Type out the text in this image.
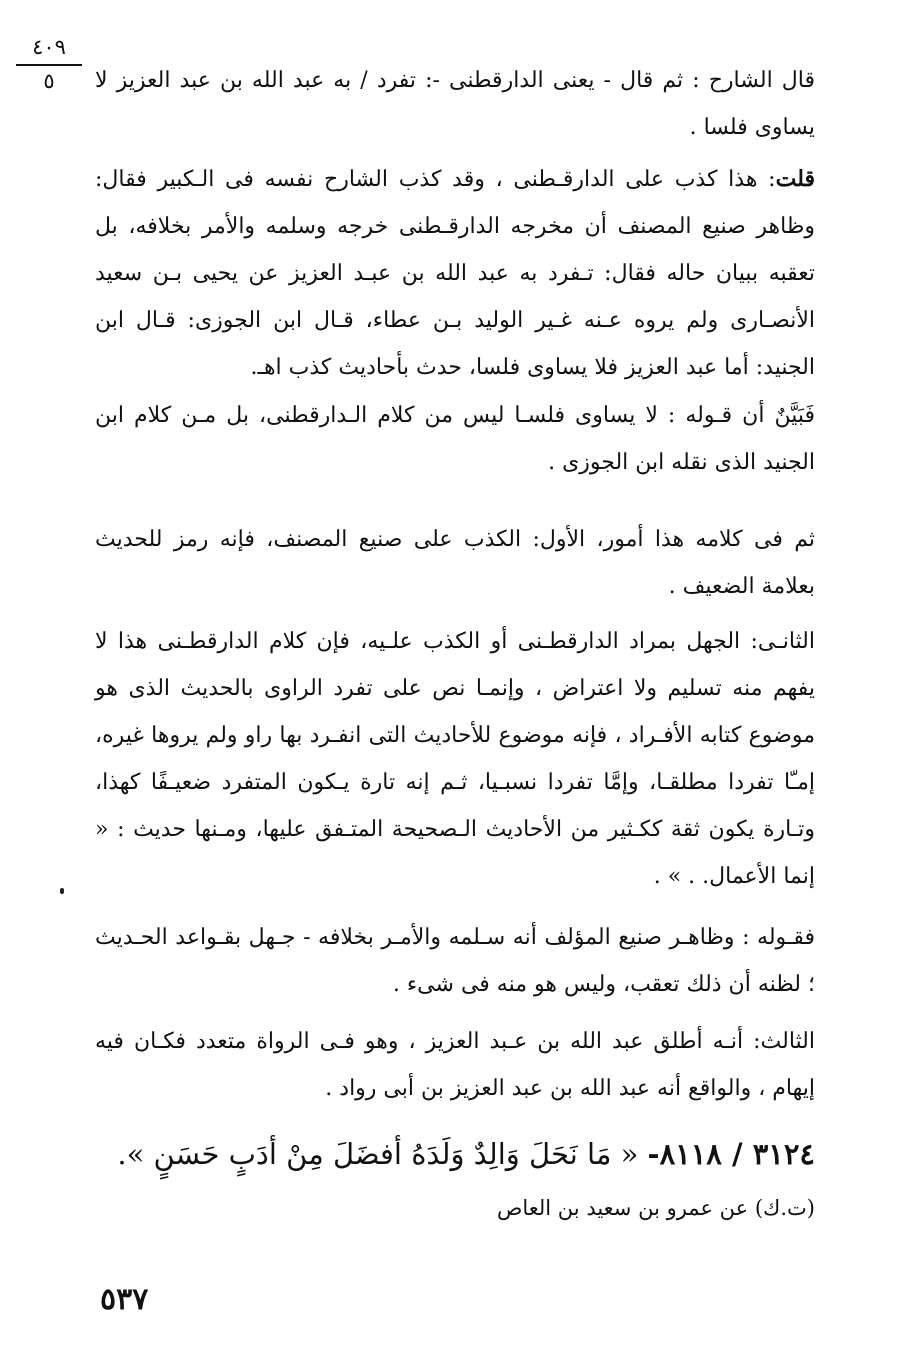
٤٠٩
٥	قال الشارح : ثم قال - يعنى الدارقطنى -: تفرد / به عبد الله بن عبد العزيز لا يساوى فلسا .
قلت: هذا كذب على الدارقـطنى ، وقد كذب الشارح نفسه فى الـكبير فقال: وظاهر صنيع المصنف أن مخرجه الدارقـطنى خرجه وسلمه والأمر بخلافه، بل تعقبه ببيان حاله فقال: تـفرد به عبد الله بن عبـد العزيز عن يحيى بـن سعيد الأنصـارى ولم يروه عـنه غـير الوليد بـن عطاء، قـال ابن الجوزى: قـال ابن الجنيد: أما عبد العزيز فلا يساوى فلسا، حدث بأحاديث كذب اهـ.
فَبَيَّنٌ أن قـوله : لا يساوى فلسـا ليس من كلام الـدارقطنى، بل مـن كلام ابن الجنيد الذى نقله ابن الجوزى .
ثم فى كلامه هذا أمور، الأول: الكذب على صنيع المصنف، فإنه رمز للحديث بعلامة الضعيف .
الثانـى: الجهل بمراد الدارقطـنى أو الكذب علـيه، فإن كلام الدارقطـنى هذا لا يفهم منه تسليم ولا اعتراض ، وإنمـا نص على تفرد الراوى بالحديث الذى هو موضوع كتابه الأفـراد ، فإنه موضوع للأحاديث التى انفـرد بها راو ولم يروها غيره، إمـّا تفردا مطلقـا، وإمَّا تفردا نسبـيا، ثـم إنه تارة يـكون المتفرد ضعيـفًا كهذا، وتـارة يكون ثقة ككـثير من الأحاديث الـصحيحة المتـفق عليها، ومـنها حديث : « إنما الأعمال. . » .
فقـوله : وظاهـر صنيع المؤلف أنه سـلمه والأمـر بخلافه - جـهل بقـواعد الحـديث ؛ لظنه أن ذلك تعقب، وليس هو منه فى شىء .
الثالث: أنـه أطلق عبد الله بن عـبد العزيز ، وهو فـى الرواة متعدد فكـان فيه إيهام ، والواقع أنه عبد الله بن عبد العزيز بن أبى رواد .
٣١٢٤ / ٨١١٨- « مَا نَحَلَ وَالِدٌ وَلَدَهُ أفضَلَ مِنْ أدَبٍ حَسَنٍ ».
(ت.ك) عن عمرو بن سعيد بن العاص
٥٣٧
